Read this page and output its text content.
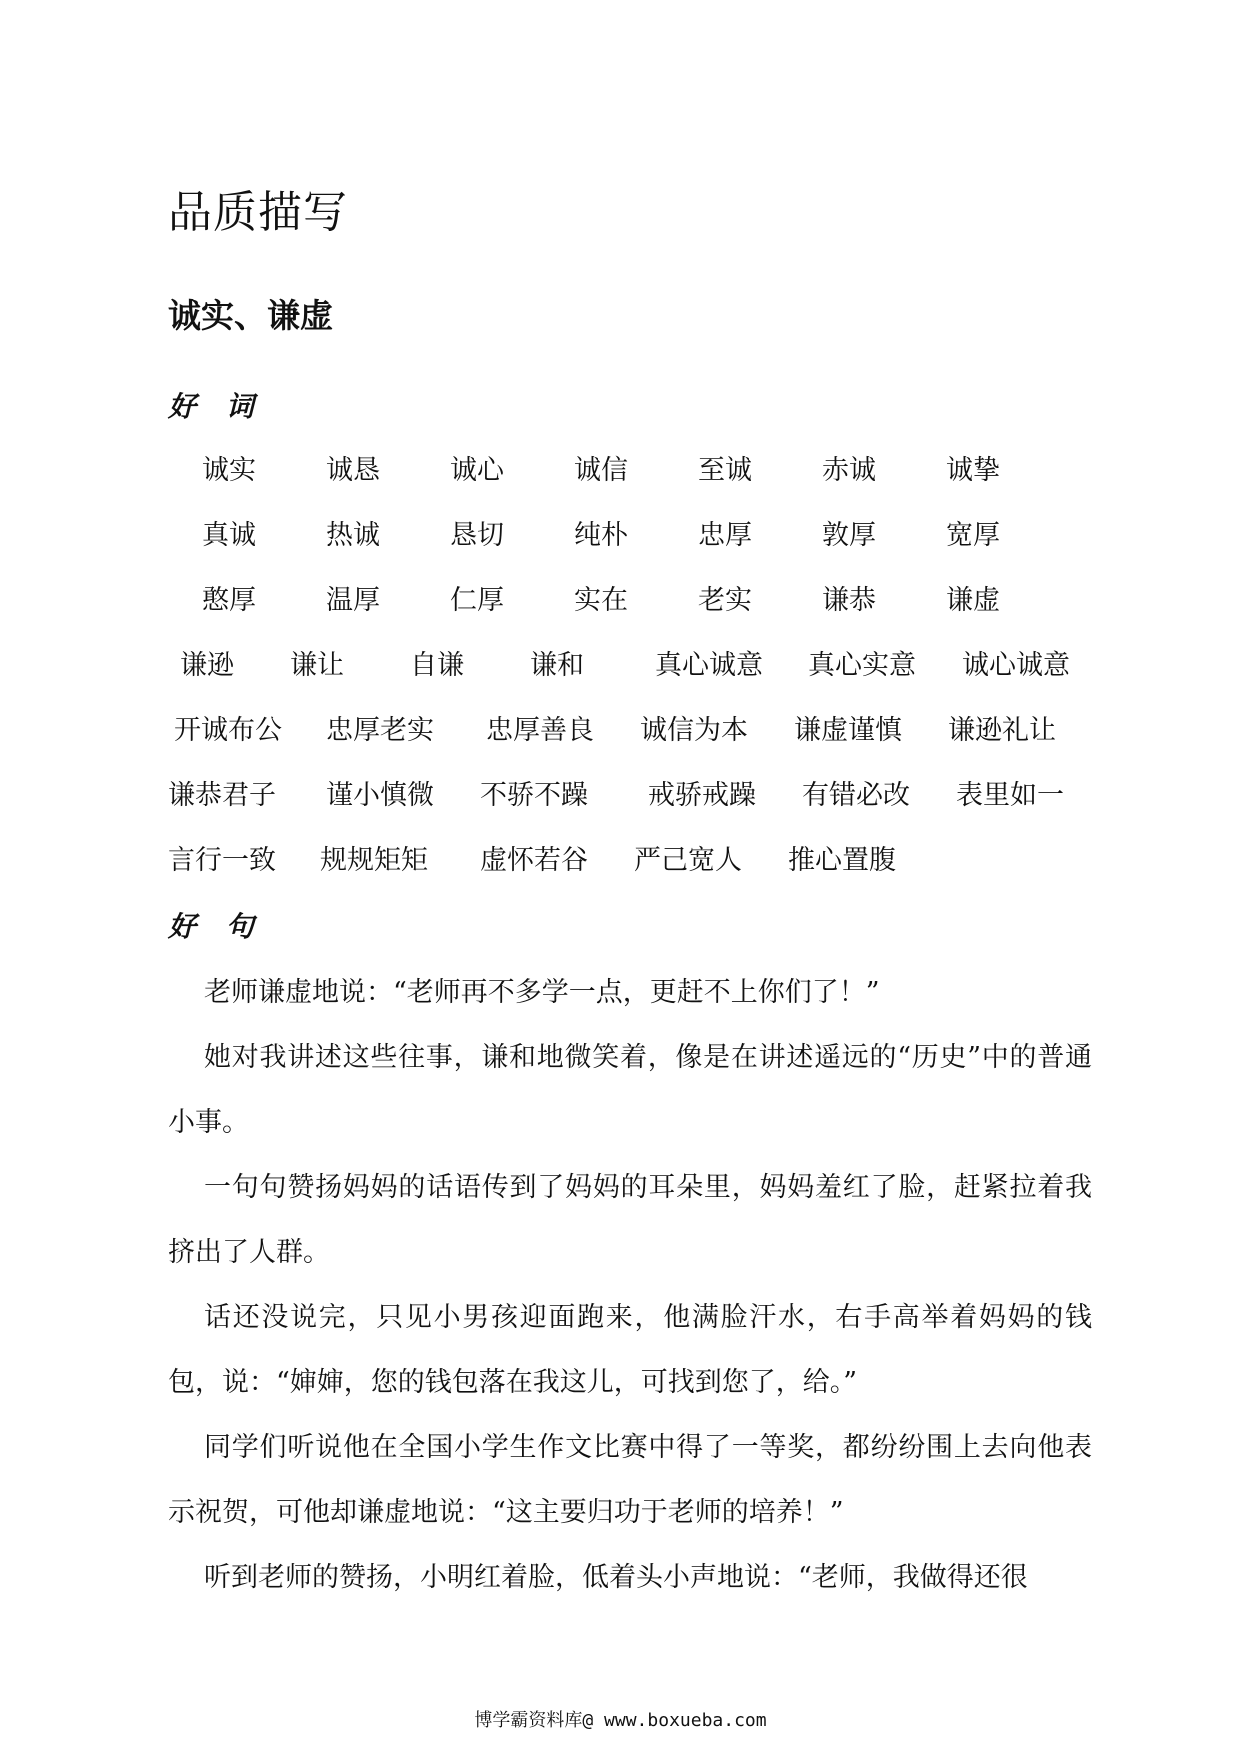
品质描写
诚实、谦虚
好 词
诚实	诚恳	诚心	诚信	至诚	赤诚	诚挚
真诚	热诚	恳切	纯朴	忠厚	敦厚	宽厚
憨厚	温厚	仁厚	实在	老实	谦恭	谦虚
谦逊 谦让 自谦 谦和	真心诚意 真心实意 诚心诚意
开诚布公 忠厚老实 忠厚善良 诚信为本 谦虚谨慎 谦逊礼让
谦恭君子 谨小慎微 不骄不躁 戒骄戒躁 有错必改 表里如一
言行一致 规规矩矩 虚怀若谷 严己宽人 推心置腹
好 句

老师谦虚地说：“老师再不多学一点，更赶不上你们了！”

她对我讲述这些往事，谦和地微笑着，像是在讲述遥远的“历史”中的普通小事。

一句句赞扬妈妈的话语传到了妈妈的耳朵里，妈妈羞红了脸，赶紧拉着我挤出了人群。

话还没说完，只见小男孩迎面跑来，他满脸汗水，右手高举着妈妈的钱包，说：“婶婶，您的钱包落在我这儿，可找到您了，给。”

同学们听说他在全国小学生作文比赛中得了一等奖，都纷纷围上去向他表示祝贺，可他却谦虚地说：“这主要归功于老师的培养！”

听到老师的赞扬，小明红着脸，低着头小声地说：“老师，我做得还很

博学霸资料库@ www.boxueba.com
